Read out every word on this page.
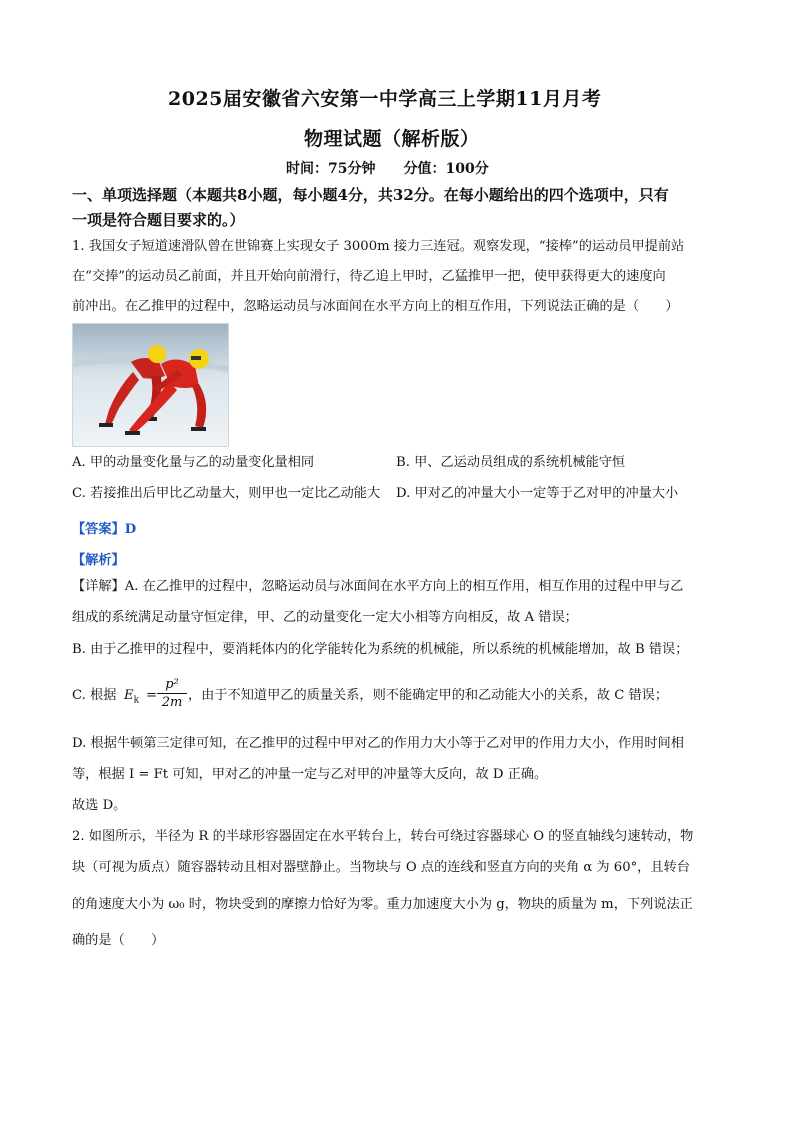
2025届安徽省六安第一中学高三上学期11月月考
物理试题（解析版）
时间：75分钟　　分值：100分
一、单项选择题（本题共8小题，每小题4分，共32分。在每小题给出的四个选项中，只有
一项是符合题目要求的。）
1. 我国女子短道速滑队曾在世锦赛上实现女子 3000m 接力三连冠。观察发现，“接棒”的运动员甲提前站
在“交捧”的运动员乙前面，并且开始向前滑行，待乙追上甲时，乙猛推甲一把，使甲获得更大的速度向
前冲出。在乙推甲的过程中，忽略运动员与冰面间在水平方向上的相互作用，下列说法正确的是（　　）
A. 甲的动量变化量与乙的动量变化量相同	B. 甲、乙运动员组成的系统机械能守恒
C. 若接推出后甲比乙动量大，则甲也一定比乙动能大 D. 甲对乙的冲量大小一定等于乙对甲的冲量大小
【答案】D
【解析】
【详解】A. 在乙推甲的过程中，忽略运动员与冰面间在水平方向上的相互作用，相互作用的过程中甲与乙
组成的系统满足动量守恒定律，甲、乙的动量变化一定大小相等方向相反，故 A 错误；
B. 由于乙推甲的过程中，要消耗体内的化学能转化为系统的机械能，所以系统的机械能增加，故 B 错误；
C. 根据 $E_k$ =
p²
2m ，由于不知道甲乙的质量关系，则不能确定甲的和乙动能大小的关系，故 C 错误；
D. 根据牛顿第三定律可知，在乙推甲的过程中甲对乙的作用力大小等于乙对甲的作用力大小，作用时间相
等，根据 I = Ft 可知，甲对乙的冲量一定与乙对甲的冲量等大反向，故 D 正确。
故选 D。
2. 如图所示，半径为 R 的半球形容器固定在水平转台上，转台可绕过容器球心 O 的竖直轴线匀速转动，物
块（可视为质点）随容器转动且相对器壁静止。当物块与 O 点的连线和竖直方向的夹角 α 为 60°，且转台
的角速度大小为 ω₀ 时，物块受到的摩擦力恰好为零。重力加速度大小为 g，物块的质量为 m，下列说法正
确的是（　　）
